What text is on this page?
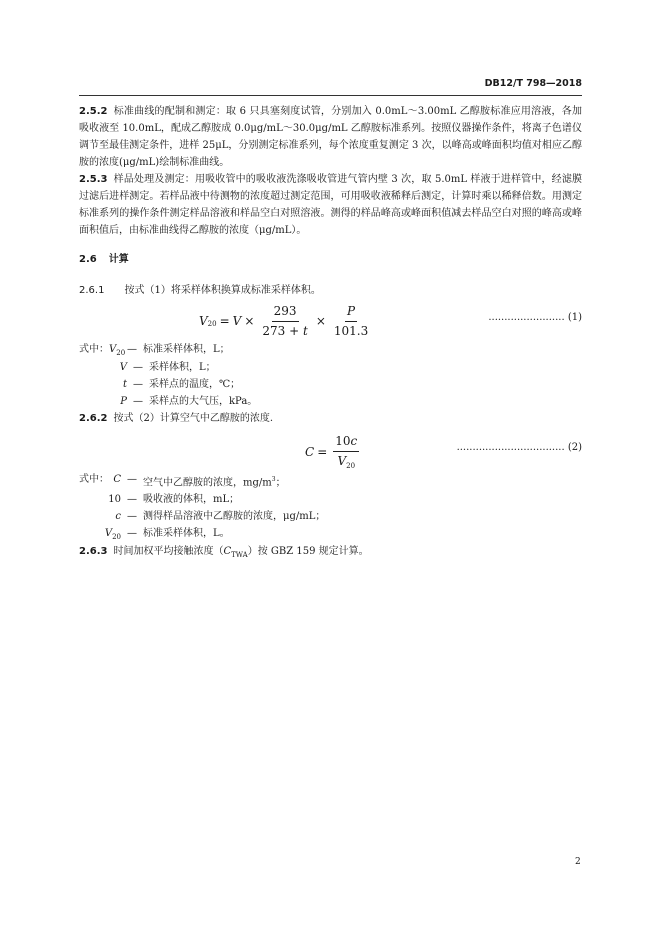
DB12/T 798—2018

2.5.2 标准曲线的配制和测定：取 6 只具塞刻度试管，分别加入 0.0mL～3.00mL 乙醇胺标准应用溶液，各加吸收液至 10.0mL，配成乙醇胺成 0.0μg/mL～30.0μg/mL 乙醇胺标准系列。按照仪器操作条件，将离子色谱仪调节至最佳测定条件，进样 25μL，分别测定标准系列，每个浓度重复测定 3 次，以峰高或峰面积均值对相应乙醇胺的浓度(μg/mL)绘制标准曲线。

2.5.3 样品处理及测定：用吸收管中的吸收液洗涤吸收管进气管内壁 3 次，取 5.0mL 样液于进样管中，经滤膜过滤后进样测定。若样品液中待测物的浓度超过测定范围，可用吸收液稀释后测定，计算时乘以稀释倍数。用测定标准系列的操作条件测定样品溶液和样品空白对照溶液。测得的样品峰高或峰面积值减去样品空白对照的峰高或峰面积值后，由标准曲线得乙醇胺的浓度（μg/mL）。

2.6 计算

2.6.1 按式（1）将采样体积换算成标准采样体积。

V $20 = V \times \frac{293}{273 + t} \times \frac{P}{101.3}$	........................ (1)
式中： $V_{20}$ — 标准采样体积，L；
V — 采样体积，L；
t — 采样点的温度，℃；
P — 采样点的大气压，kPa。

2.6.2 按式（2）计算空气中乙醇胺的浓度.

$C = \frac{10c}{V_{20}}$	.................................. (2)
式中： C — 空气中乙醇胺的浓度，$mg/m^3$；
10 — 吸收液的体积，mL；
c — 测得样品溶液中乙醇胺的浓度，μg/mL；
$V_{20}$ — 标准采样体积，L。

2.6.3 时间加权平均接触浓度$(C_{TWA})$按 GBZ 159 规定计算。

2
